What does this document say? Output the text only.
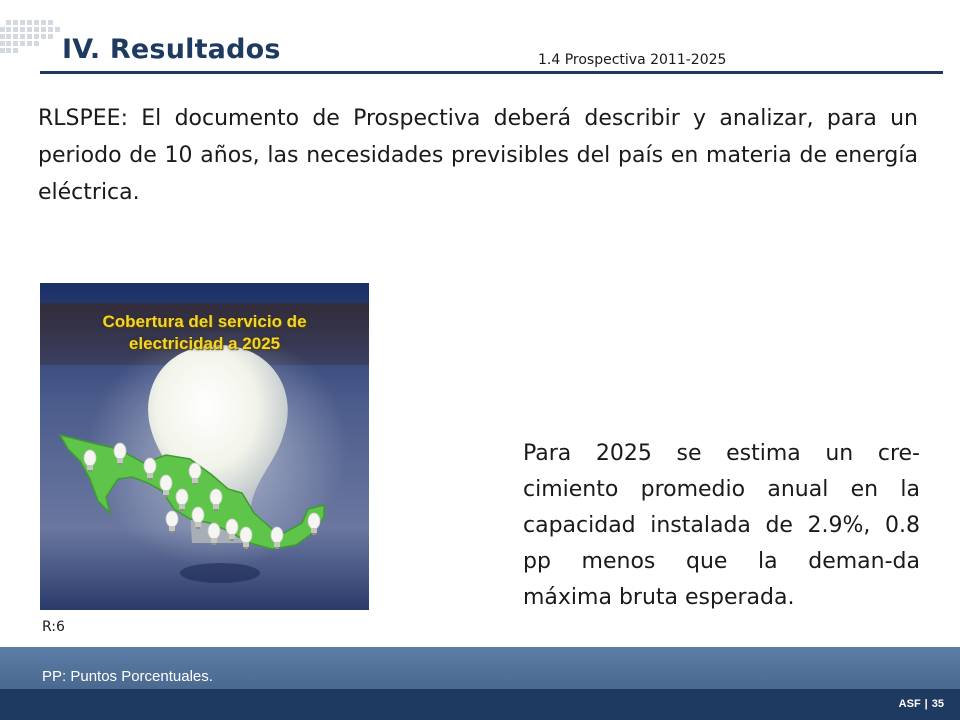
IV. Resultados	1.4 Prospectiva 2011-2025

RLSPEE: El documento de Prospectiva deberá describir y analizar, para un periodo de 10 años, las necesidades previsibles del país en materia de energía eléctrica.

Cobertura del servicio de
electricidad a 2025
R:6

Para 2025 se estima un cre-cimiento promedio anual en la capacidad instalada de 2.9%, 0.8 pp menos que la deman-da máxima bruta esperada.

PP: Puntos Porcentuales.
ASF | 35
